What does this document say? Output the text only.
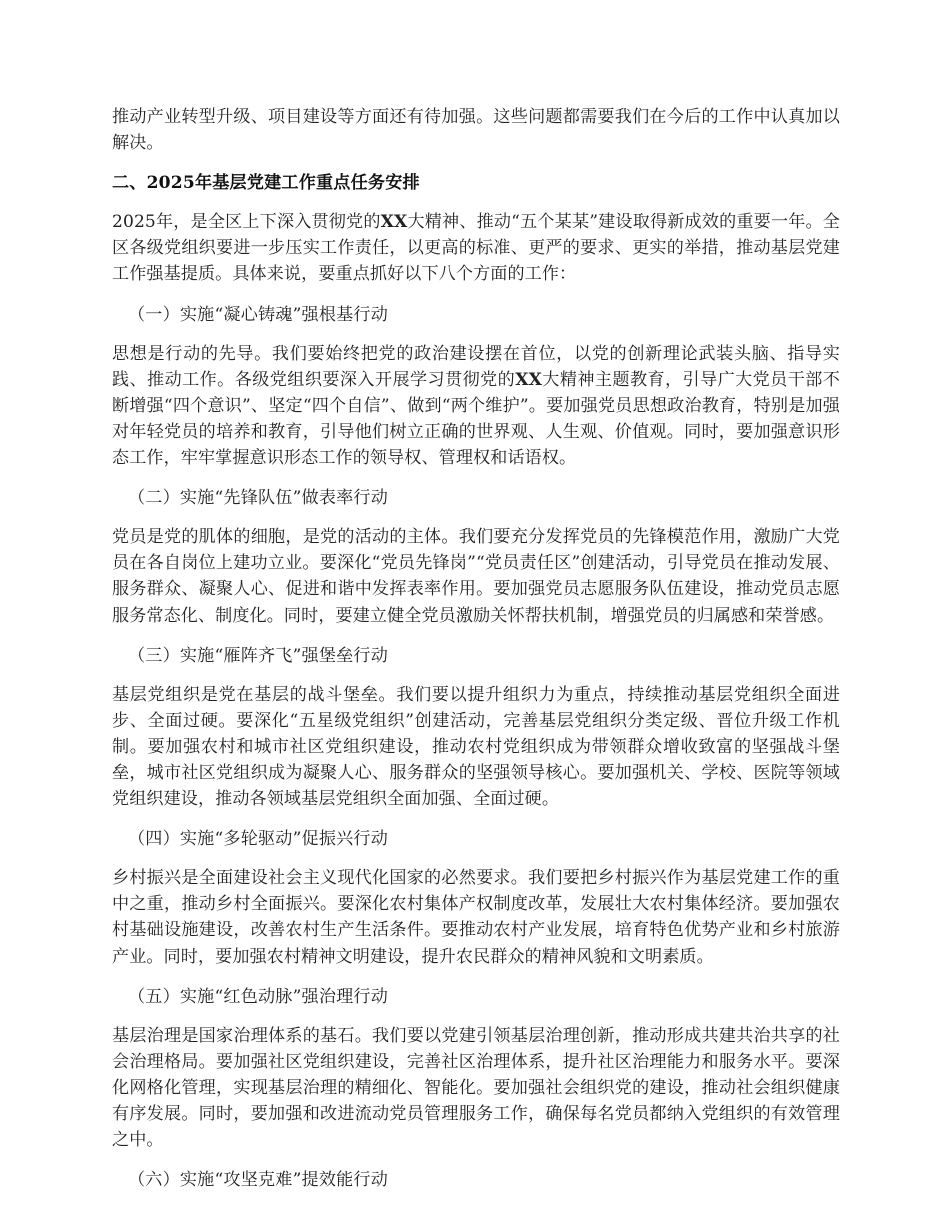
推动产业转型升级、项目建设等方面还有待加强。这些问题都需要我们在今后的工作中认真加以解决。

二、2025年基层党建工作重点任务安排

2025年，是全区上下深入贯彻党的XX大精神、推动“五个某某”建设取得新成效的重要一年。全区各级党组织要进一步压实工作责任，以更高的标准、更严的要求、更实的举措，推动基层党建工作强基提质。具体来说，要重点抓好以下八个方面的工作：

（一）实施“凝心铸魂”强根基行动

思想是行动的先导。我们要始终把党的政治建设摆在首位，以党的创新理论武装头脑、指导实践、推动工作。各级党组织要深入开展学习贯彻党的XX大精神主题教育，引导广大党员干部不断增强“四个意识”、坚定“四个自信”、做到“两个维护”。要加强党员思想政治教育，特别是加强对年轻党员的培养和教育，引导他们树立正确的世界观、人生观、价值观。同时，要加强意识形态工作，牢牢掌握意识形态工作的领导权、管理权和话语权。

（二）实施“先锋队伍”做表率行动

党员是党的肌体的细胞，是党的活动的主体。我们要充分发挥党员的先锋模范作用，激励广大党员在各自岗位上建功立业。要深化“党员先锋岗”“党员责任区”创建活动，引导党员在推动发展、服务群众、凝聚人心、促进和谐中发挥表率作用。要加强党员志愿服务队伍建设，推动党员志愿服务常态化、制度化。同时，要建立健全党员激励关怀帮扶机制，增强党员的归属感和荣誉感。

（三）实施“雁阵齐飞”强堡垒行动

基层党组织是党在基层的战斗堡垒。我们要以提升组织力为重点，持续推动基层党组织全面进步、全面过硬。要深化“五星级党组织”创建活动，完善基层党组织分类定级、晋位升级工作机制。要加强农村和城市社区党组织建设，推动农村党组织成为带领群众增收致富的坚强战斗堡垒，城市社区党组织成为凝聚人心、服务群众的坚强领导核心。要加强机关、学校、医院等领域党组织建设，推动各领域基层党组织全面加强、全面过硬。

（四）实施“多轮驱动”促振兴行动

乡村振兴是全面建设社会主义现代化国家的必然要求。我们要把乡村振兴作为基层党建工作的重中之重，推动乡村全面振兴。要深化农村集体产权制度改革，发展壮大农村集体经济。要加强农村基础设施建设，改善农村生产生活条件。要推动农村产业发展，培育特色优势产业和乡村旅游产业。同时，要加强农村精神文明建设，提升农民群众的精神风貌和文明素质。

（五）实施“红色动脉”强治理行动

基层治理是国家治理体系的基石。我们要以党建引领基层治理创新，推动形成共建共治共享的社会治理格局。要加强社区党组织建设，完善社区治理体系，提升社区治理能力和服务水平。要深化网格化管理，实现基层治理的精细化、智能化。要加强社会组织党的建设，推动社会组织健康有序发展。同时，要加强和改进流动党员管理服务工作，确保每名党员都纳入党组织的有效管理之中。

（六）实施“攻坚克难”提效能行动
